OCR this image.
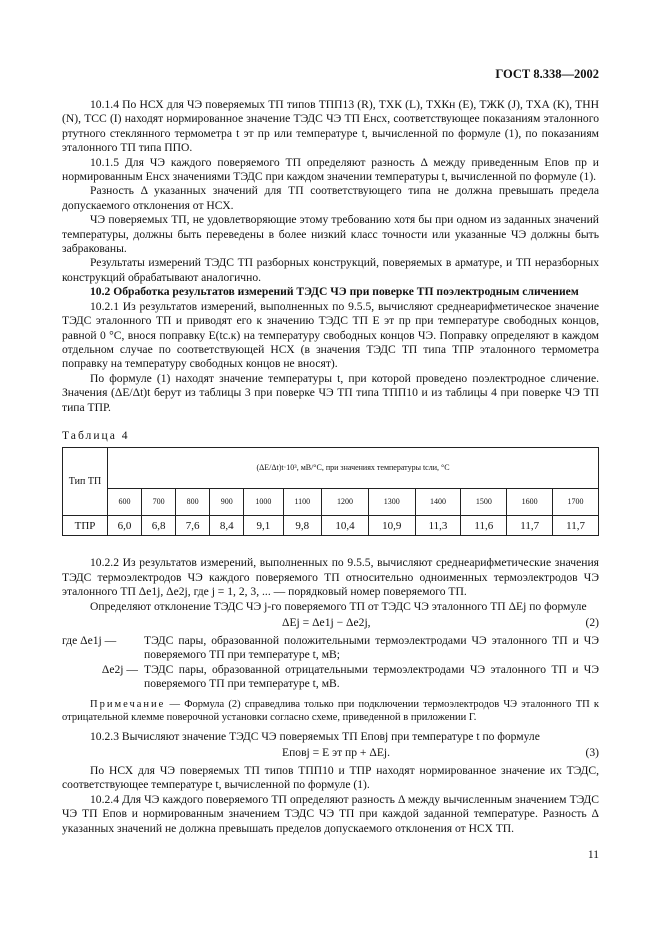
ГОСТ 8.338—2002

10.1.4 По НСХ для ЧЭ поверяемых ТП типов ТПП13 (R), ТХК (L), ТХКн (E), ТЖК (J), ТХА (K), ТНН (N), ТСС (I) находят нормированное значение ТЭДС ЧЭ ТП Eнсх, соответствующее показаниям эталонного ртутного стеклянного термометра t эт пр или температуре t, вычисленной по формуле (1), по показаниям эталонного ТП типа ППО.

10.1.5 Для ЧЭ каждого поверяемого ТП определяют разность Δ между приведенным Eпов пр и нормированным Eнсх значениями ТЭДС при каждом значении температуры t, вычисленной по формуле (1).

Разность Δ указанных значений для ТП соответствующего типа не должна превышать предела допускаемого отклонения от НСХ.

ЧЭ поверяемых ТП, не удовлетворяющие этому требованию хотя бы при одном из заданных значений температуры, должны быть переведены в более низкий класс точности или указанные ЧЭ должны быть забракованы.

Результаты измерений ТЭДС ТП разборных конструкций, поверяемых в арматуре, и ТП неразборных конструкций обрабатывают аналогично.

10.2 Обработка результатов измерений ТЭДС ЧЭ при поверке ТП поэлектродным сличением

10.2.1 Из результатов измерений, выполненных по 9.5.5, вычисляют среднеарифметическое значение ТЭДС эталонного ТП и приводят его к значению ТЭДС ТП E эт пр при температуре свободных концов, равной 0 °С, внося поправку E(tс.к) на температуру свободных концов ЧЭ. Поправку определяют в каждом отдельном случае по соответствующей НСХ (в значения ТЭДС ТП типа ТПР эталонного термометра поправку на температуру свободных концов не вносят).

По формуле (1) находят значение температуры t, при которой проведено поэлектродное сличение. Значения (ΔE/Δt)t берут из таблицы 3 при поверке ЧЭ ТП типа ТПП10 и из таблицы 4 при поверке ЧЭ ТП типа ТПР.

Таблица 4
Тип ТП	(ΔE/Δt)t·10³, мВ/°С, при значениях температуры tсли, °С											
	600	700	800	900	1000	1100	1200	1300	1400	1500	1600	1700
ТПР	6,0	6,8	7,6	8,4	9,1	9,8	10,4	10,9	11,3	11,6	11,7	11,7

10.2.2 Из результатов измерений, выполненных по 9.5.5, вычисляют среднеарифметические значения ТЭДС термоэлектродов ЧЭ каждого поверяемого ТП относительно одноименных термоэлектродов ЧЭ эталонного ТП Δe1j, Δe2j, где j = 1, 2, 3, ... — порядковый номер поверяемого ТП.

Определяют отклонение ТЭДС ЧЭ j-го поверяемого ТП от ТЭДС ЧЭ эталонного ТП ΔEj по формуле

ΔEj = Δe1j − Δe2j,	(2)
где Δe1j —	ТЭДС пары, образованной положительными термоэлектродами ЧЭ эталонного ТП и ЧЭ поверяемого ТП при температуре t, мВ;
Δe2j — ТЭДС пары, образованной отрицательными термоэлектродами ЧЭ эталонного ТП и ЧЭ поверяемого ТП при температуре t, мВ.

Примечание — Формула (2) справедлива только при подключении термоэлектродов ЧЭ эталонного ТП к отрицательной клемме поверочной установки согласно схеме, приведенной в приложении Г.

10.2.3 Вычисляют значение ТЭДС ЧЭ поверяемых ТП Eповj при температуре t по формуле

Eповj = E эт пр + ΔEj.	(3)

По НСХ для ЧЭ поверяемых ТП типов ТПП10 и ТПР находят нормированное значение их ТЭДС, соответствующее температуре t, вычисленной по формуле (1).

10.2.4 Для ЧЭ каждого поверяемого ТП определяют разность Δ между вычисленным значением ТЭДС ЧЭ ТП Eпов и нормированным значением ТЭДС ЧЭ ТП при каждой заданной температуре. Разность Δ указанных значений не должна превышать пределов допускаемого отклонения от НСХ ТП.

11
